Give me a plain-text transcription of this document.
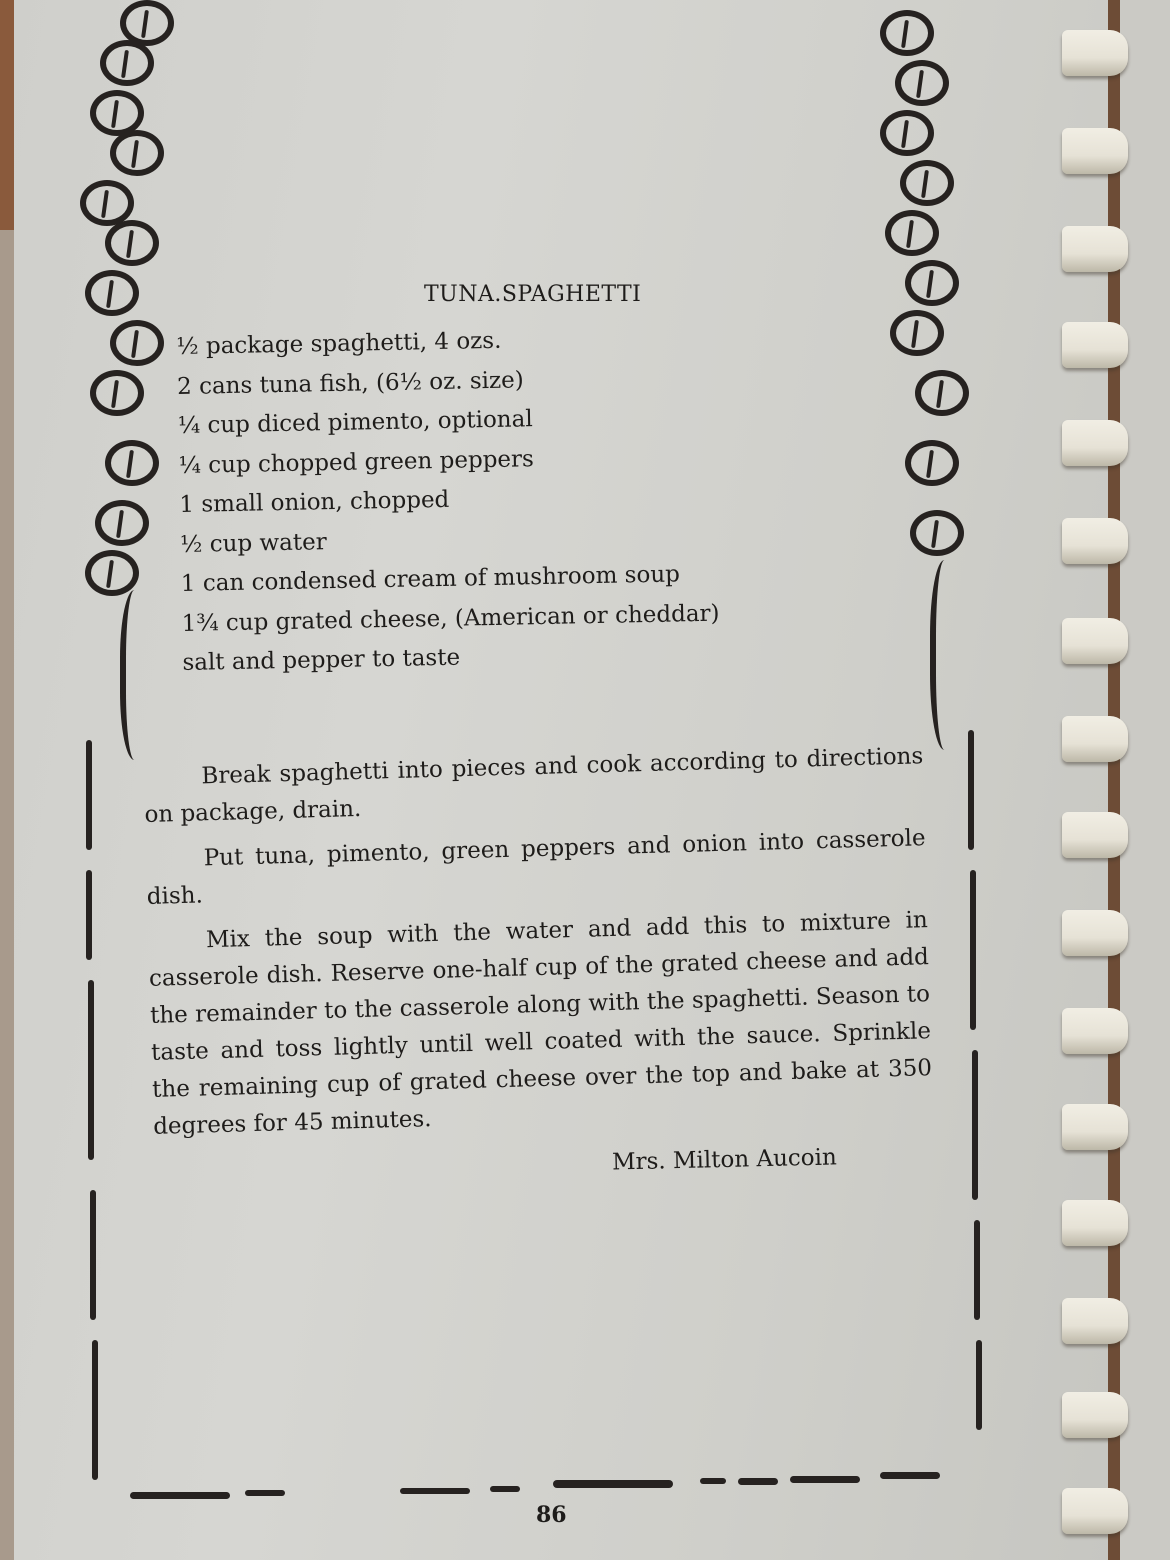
TUNA.SPAGHETTI
½ package spaghetti, 4 ozs.
2 cans tuna fish, (6½ oz. size)
¼ cup diced pimento, optional
¼ cup chopped green peppers
1 small onion, chopped
½ cup water
1 can condensed cream of mushroom soup
1¾ cup grated cheese, (American or cheddar)
salt and pepper to taste

Break spaghetti into pieces and cook according to directions on package, drain.

Put tuna, pimento, green peppers and onion into casserole dish.

Mix the soup with the water and add this to mixture in casserole dish. Reserve one-half cup of the grated cheese and add the remainder to the casserole along with the spaghetti. Season to taste and toss lightly until well coated with the sauce. Sprinkle the remaining cup of grated cheese over the top and bake at 350 degrees for 45 minutes.

Mrs. Milton Aucoin
86
